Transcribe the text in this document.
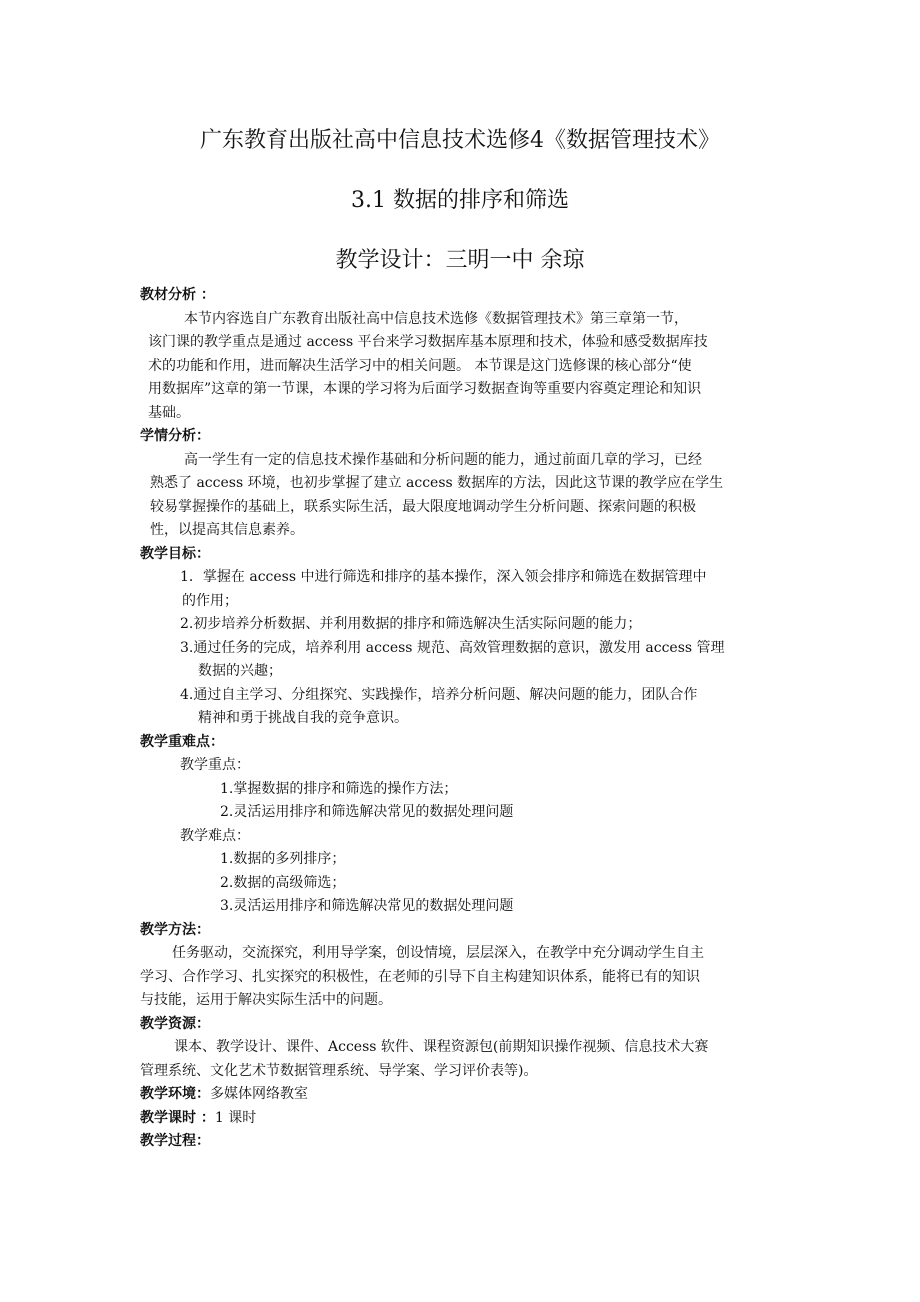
广东教育出版社高中信息技术选修4《数据管理技术》
3.1 数据的排序和筛选
教学设计：三明一中 余琼
教材分析 ：
本节内容选自广东教育出版社高中信息技术选修《数据管理技术》第三章第一节，
该门课的教学重点是通过 access 平台来学习数据库基本原理和技术，体验和感受数据库技
术的功能和作用，进而解决生活学习中的相关问题。 本节课是这门选修课的核心部分“使
用数据库”这章的第一节课，本课的学习将为后面学习数据查询等重要内容奠定理论和知识
基础。
学情分析：
高一学生有一定的信息技术操作基础和分析问题的能力，通过前面几章的学习，已经
熟悉了 access 环境，也初步掌握了建立 access 数据库的方法，因此这节课的教学应在学生
较易掌握操作的基础上，联系实际生活，最大限度地调动学生分析问题、探索问题的积极
性，以提高其信息素养。
教学目标：
1．掌握在 access 中进行筛选和排序的基本操作，深入领会排序和筛选在数据管理中
的作用；
2.初步培养分析数据、并利用数据的排序和筛选解决生活实际问题的能力；
3.通过任务的完成，培养利用 access 规范、高效管理数据的意识，激发用 access 管理
数据的兴趣；
4.通过自主学习、分组探究、实践操作，培养分析问题、解决问题的能力，团队合作
精神和勇于挑战自我的竞争意识。
教学重难点：
教学重点：
1.掌握数据的排序和筛选的操作方法；
2.灵活运用排序和筛选解决常见的数据处理问题
教学难点：
1.数据的多列排序；
2.数据的高级筛选；
3.灵活运用排序和筛选解决常见的数据处理问题
教学方法：
任务驱动，交流探究，利用导学案，创设情境，层层深入，在教学中充分调动学生自主
学习、合作学习、扎实探究的积极性，在老师的引导下自主构建知识体系，能将已有的知识
与技能，运用于解决实际生活中的问题。
教学资源：
课本、教学设计、课件、Access 软件、课程资源包(前期知识操作视频、信息技术大赛
管理系统、文化艺术节数据管理系统、导学案、学习评价表等)。
教学环境：多媒体网络教室
教学课时 ：1 课时
教学过程：
